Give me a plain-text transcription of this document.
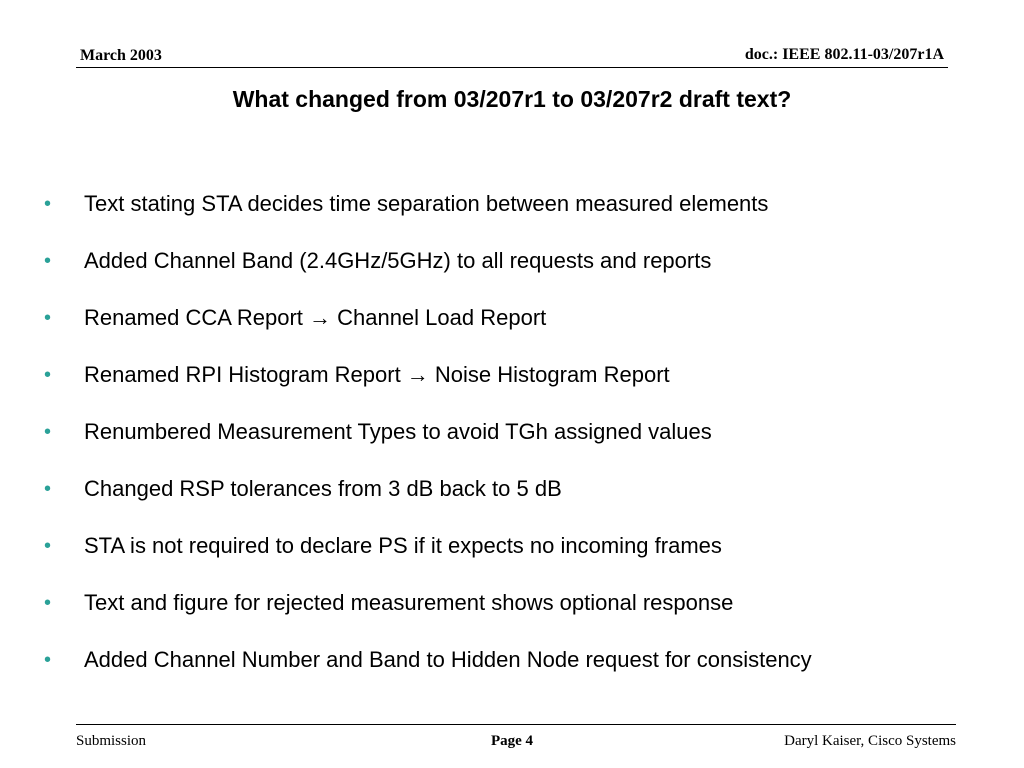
March 2003	doc.: IEEE 802.11-03/207r1A
What changed from 03/207r1 to 03/207r2 draft text?
• Text stating STA decides time separation between measured elements
• Added Channel Band (2.4GHz/5GHz) to all requests and reports
• Renamed CCA Report → Channel Load Report
• Renamed RPI Histogram Report → Noise Histogram Report
• Renumbered Measurement Types to avoid TGh assigned values
• Changed RSP tolerances from 3 dB back to 5 dB
• STA is not required to declare PS if it expects no incoming frames
• Text and figure for rejected measurement shows optional response
• Added Channel Number and Band to Hidden Node request for consistency
Submission	Page 4	Daryl Kaiser, Cisco Systems
